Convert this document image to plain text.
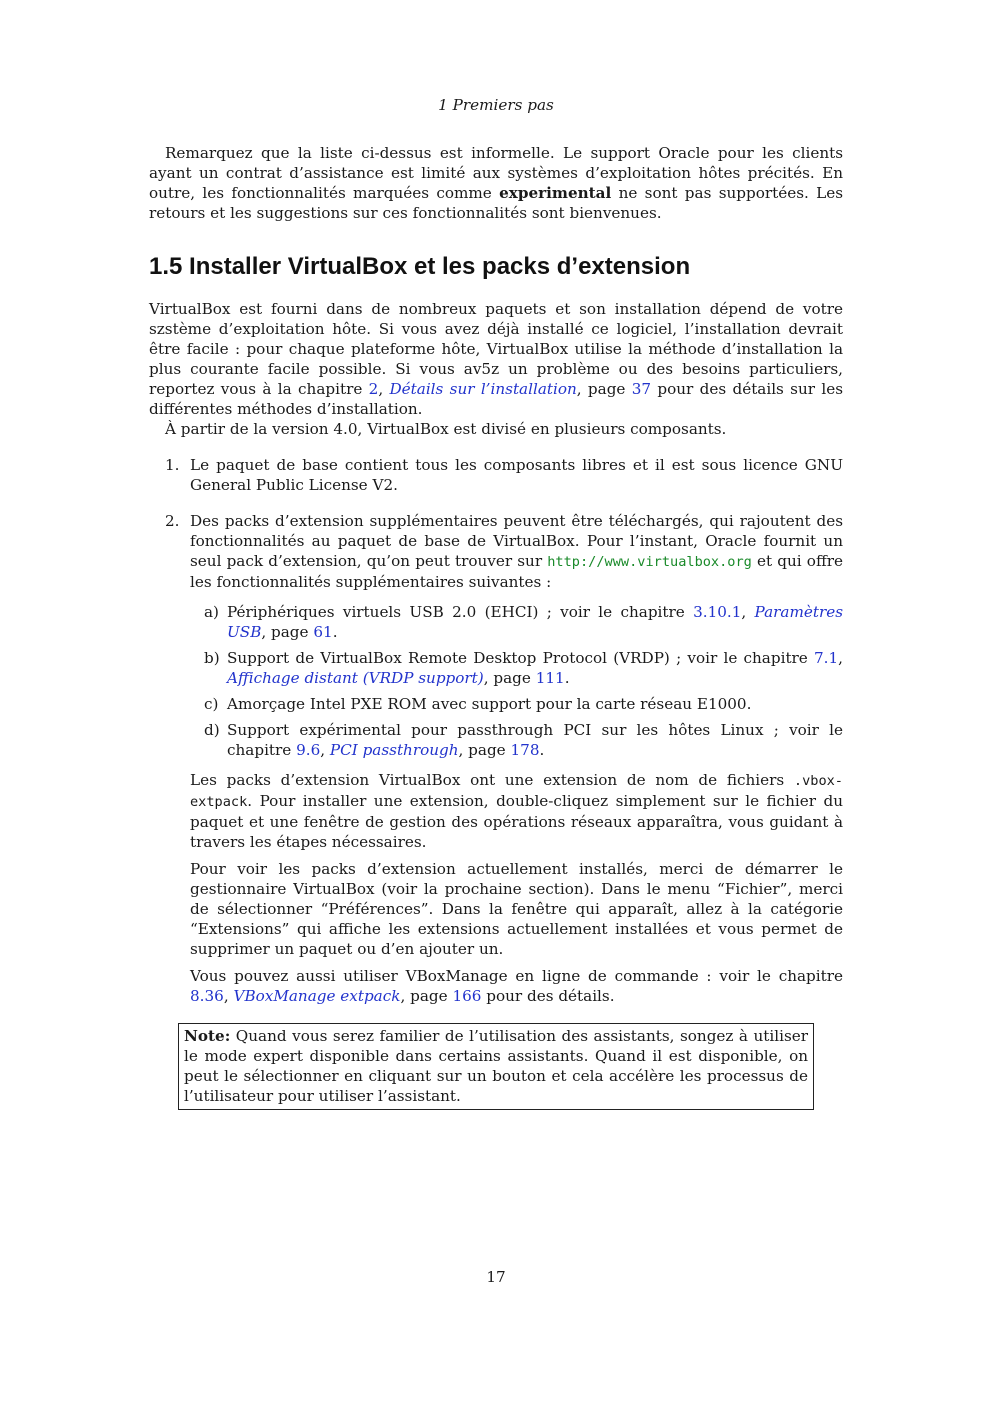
1 Premiers pas

Remarquez que la liste ci-dessus est informelle. Le support Oracle pour les clients ayant un contrat d’assistance est limité aux systèmes d’exploitation hôtes précités. En outre, les fonctionnalités marquées comme experimental ne sont pas supportées. Les retours et les suggestions sur ces fonctionnalités sont bienvenues.

1.5 Installer VirtualBox et les packs d’extension

VirtualBox est fourni dans de nombreux paquets et son installation dépend de votre szstème d’exploitation hôte. Si vous avez déjà installé ce logiciel, l’installation devrait être facile : pour chaque plateforme hôte, VirtualBox utilise la méthode d’installation la plus courante facile possible. Si vous av5z un problème ou des besoins particuliers, reportez vous à la chapitre 2, Détails sur l’installation, page 37 pour des détails sur les différentes méthodes d’installation.

À partir de la version 4.0, VirtualBox est divisé en plusieurs composants.

1. Le paquet de base contient tous les composants libres et il est sous licence GNU General Public License V2.

2. Des packs d’extension supplémentaires peuvent être téléchargés, qui rajoutent des fonctionnalités au paquet de base de VirtualBox. Pour l’instant, Oracle fournit un seul pack d’extension, qu’on peut trouver sur http://www.virtualbox.org et qui offre les fonctionnalités supplémentaires suivantes :

a) Périphériques virtuels USB 2.0 (EHCI) ; voir le chapitre 3.10.1, Paramètres USB, page 61.

b) Support de VirtualBox Remote Desktop Protocol (VRDP) ; voir le chapitre 7.1, Affichage distant (VRDP support), page 111.

c) Amorçage Intel PXE ROM avec support pour la carte réseau E1000.

d) Support expérimental pour passthrough PCI sur les hôtes Linux ; voir le chapitre 9.6, PCI passthrough, page 178.

Les packs d’extension VirtualBox ont une extension de nom de fichiers .vbox-extpack. Pour installer une extension, double-cliquez simplement sur le fichier du paquet et une fenêtre de gestion des opérations réseaux apparaîtra, vous guidant à travers les étapes nécessaires.

Pour voir les packs d’extension actuellement installés, merci de démarrer le gestionnaire VirtualBox (voir la prochaine section). Dans le menu “Fichier”, merci de sélectionner “Préférences”. Dans la fenêtre qui apparaît, allez à la catégorie “Extensions” qui affiche les extensions actuellement installées et vous permet de supprimer un paquet ou d’en ajouter un.

Vous pouvez aussi utiliser VBoxManage en ligne de commande : voir le chapitre 8.36, VBoxManage extpack, page 166 pour des détails.

Note: Quand vous serez familier de l’utilisation des assistants, songez à utiliser le mode expert disponible dans certains assistants. Quand il est disponible, on peut le sélectionner en cliquant sur un bouton et cela accélère les processus de l’utilisateur pour utiliser l’assistant.

17
